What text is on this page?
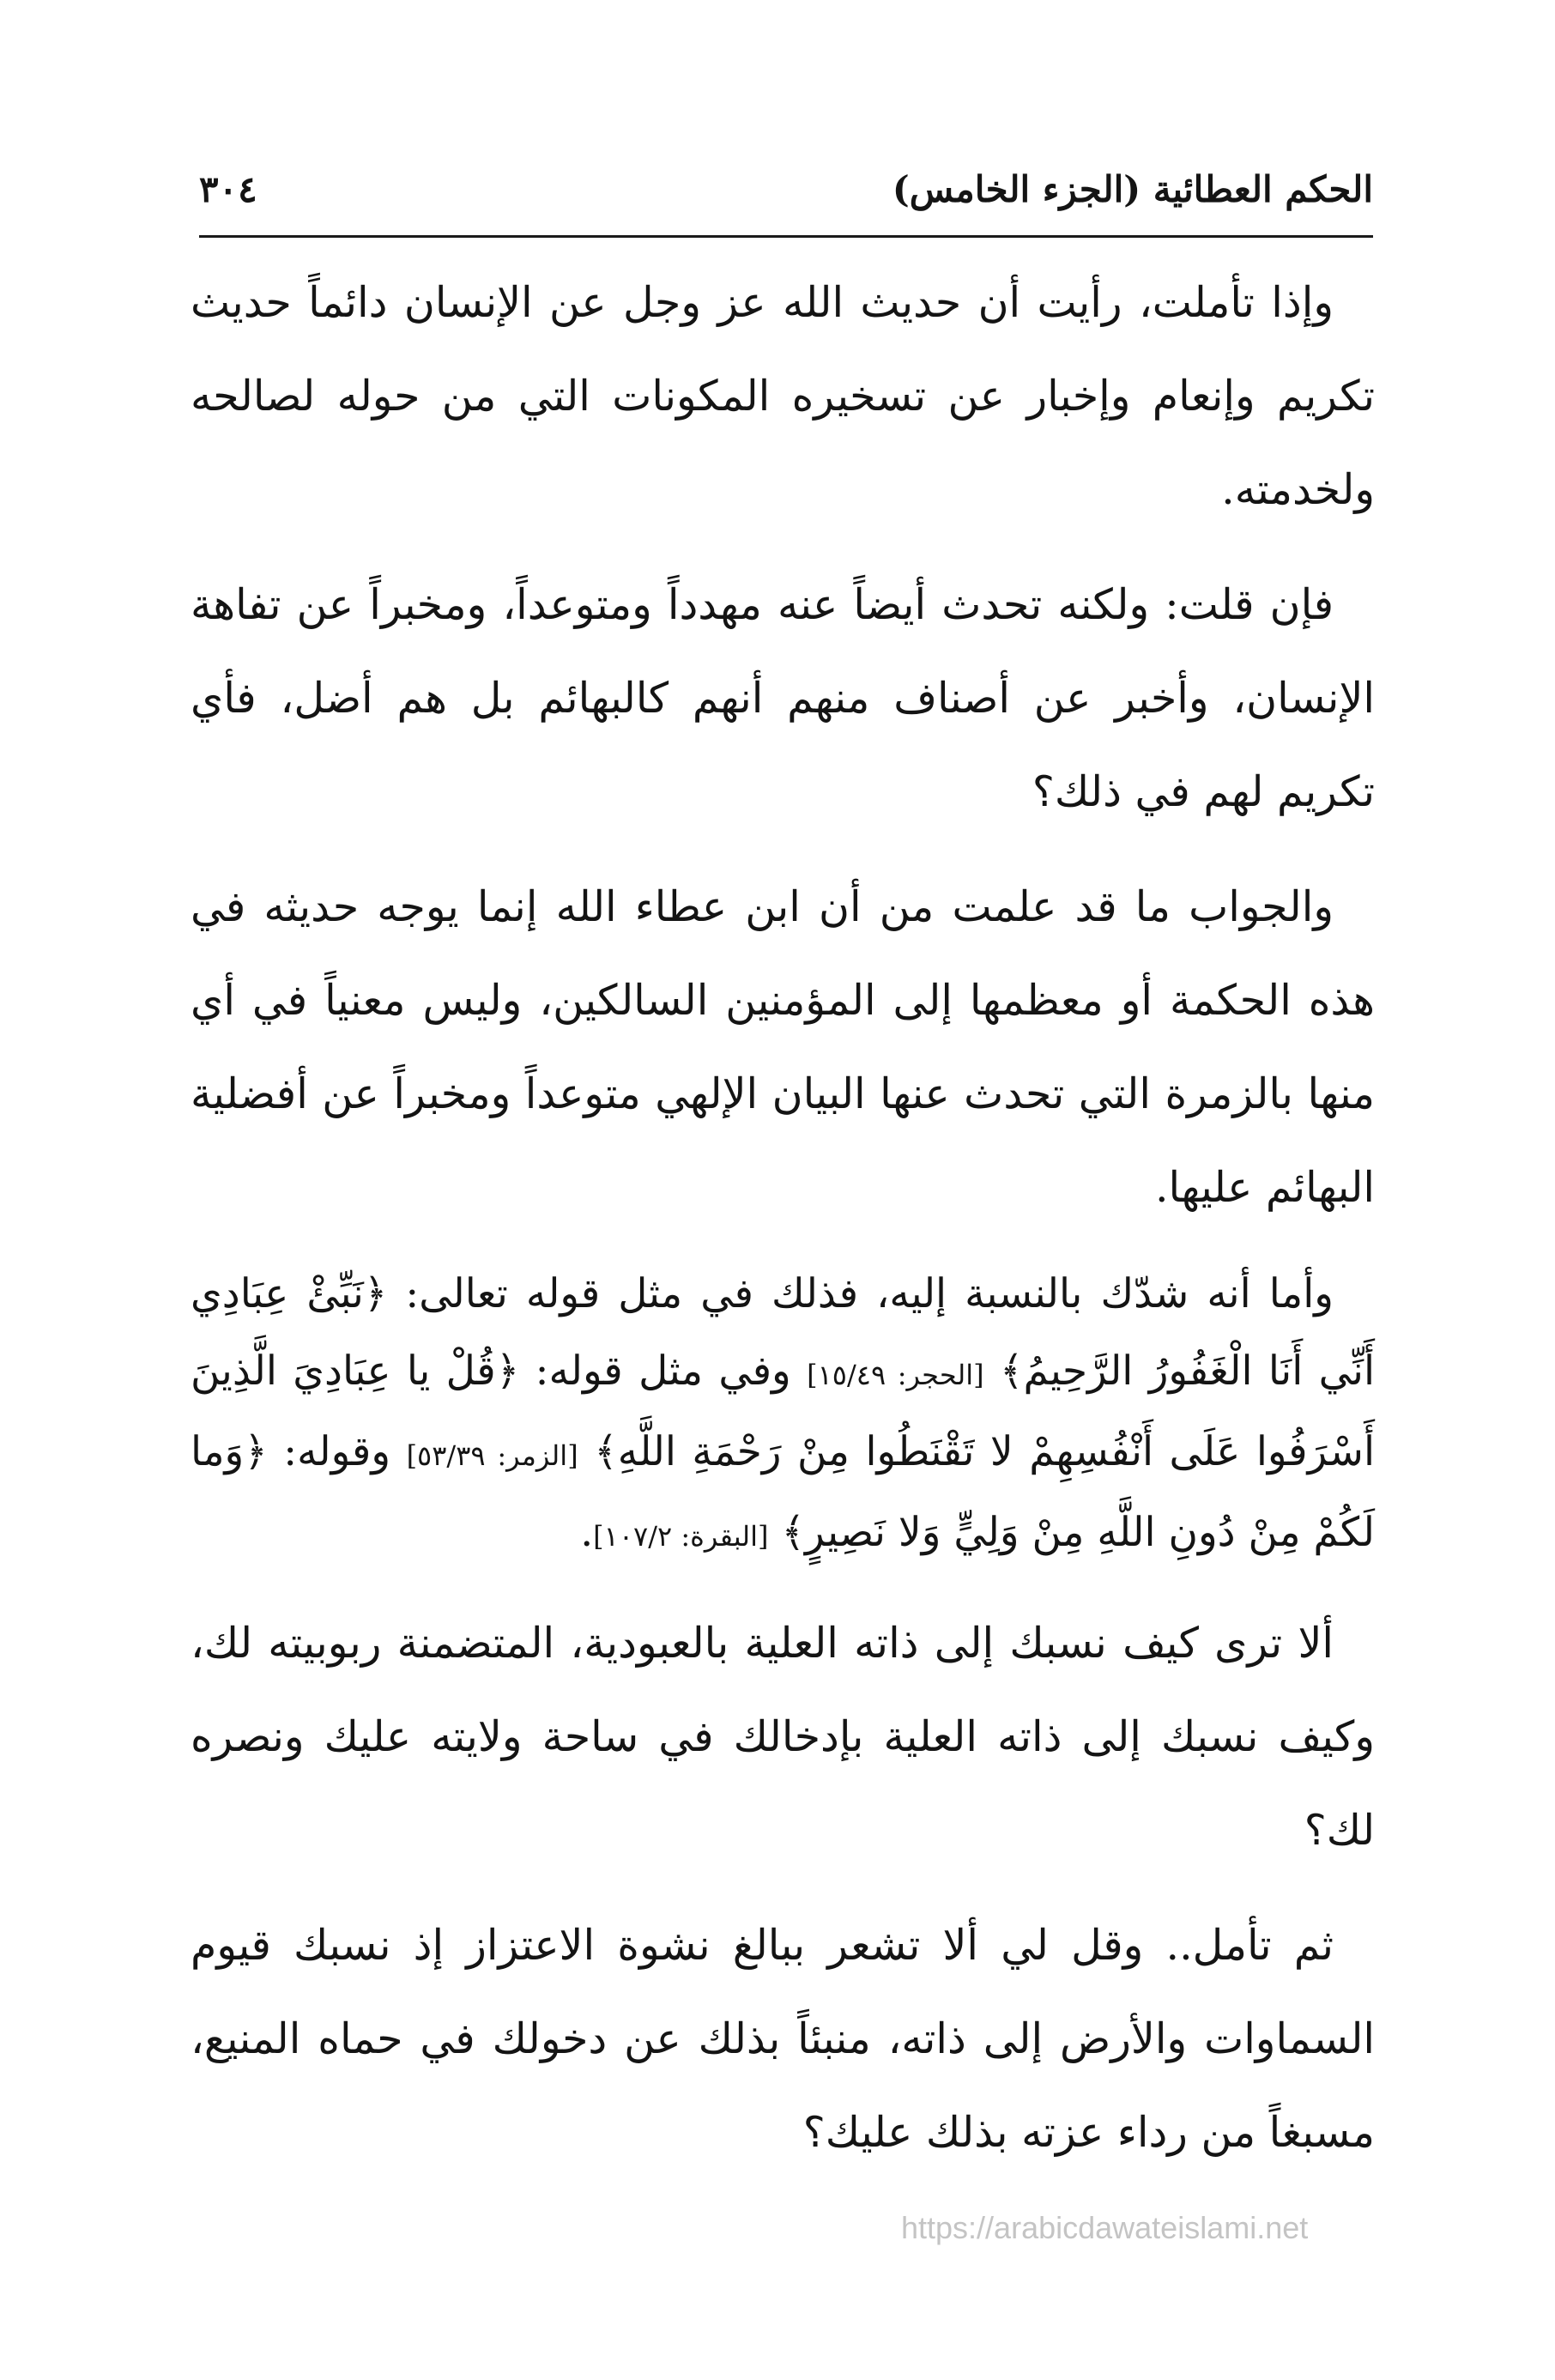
الحكم العطائية (الجزء الخامس)
٣٠٤

وإذا تأملت، رأيت أن حديث الله عز وجل عن الإنسان دائماً حديث تكريم وإنعام وإخبار عن تسخيره المكونات التي من حوله لصالحه ولخدمته.

فإن قلت: ولكنه تحدث أيضاً عنه مهدداً ومتوعداً، ومخبراً عن تفاهة الإنسان، وأخبر عن أصناف منهم أنهم كالبهائم بل هم أضل، فأي تكريم لهم في ذلك؟

والجواب ما قد علمت من أن ابن عطاء الله إنما يوجه حديثه في هذه الحكمة أو معظمها إلى المؤمنين السالكين، وليس معنياً في أي منها بالزمرة التي تحدث عنها البيان الإلهي متوعداً ومخبراً عن أفضلية البهائم عليها.

وأما أنه شدّك بالنسبة إليه، فذلك في مثل قوله تعالى: ﴿نَبِّئْ عِبَادِي أَنِّي أَنَا الْغَفُورُ الرَّحِيمُ﴾ [الحجر: ١٥/٤٩] وفي مثل قوله: ﴿قُلْ يا عِبَادِيَ الَّذِينَ أَسْرَفُوا عَلَى أَنْفُسِهِمْ لا تَقْنَطُوا مِنْ رَحْمَةِ اللَّهِ﴾ [الزمر: ٥٣/٣٩] وقوله: ﴿وَما لَكُمْ مِنْ دُونِ اللَّهِ مِنْ وَلِيٍّ وَلا نَصِيرٍ﴾ [البقرة: ١٠٧/٢].

ألا ترى كيف نسبك إلى ذاته العلية بالعبودية، المتضمنة ربوبيته لك، وكيف نسبك إلى ذاته العلية بإدخالك في ساحة ولايته عليك ونصره لك؟

ثم تأمل.. وقل لي ألا تشعر ببالغ نشوة الاعتزاز إذ نسبك قيوم السماوات والأرض إلى ذاته، منبئاً بذلك عن دخولك في حماه المنيع، مسبغاً من رداء عزته بذلك عليك؟

https://arabicdawateislami.net
